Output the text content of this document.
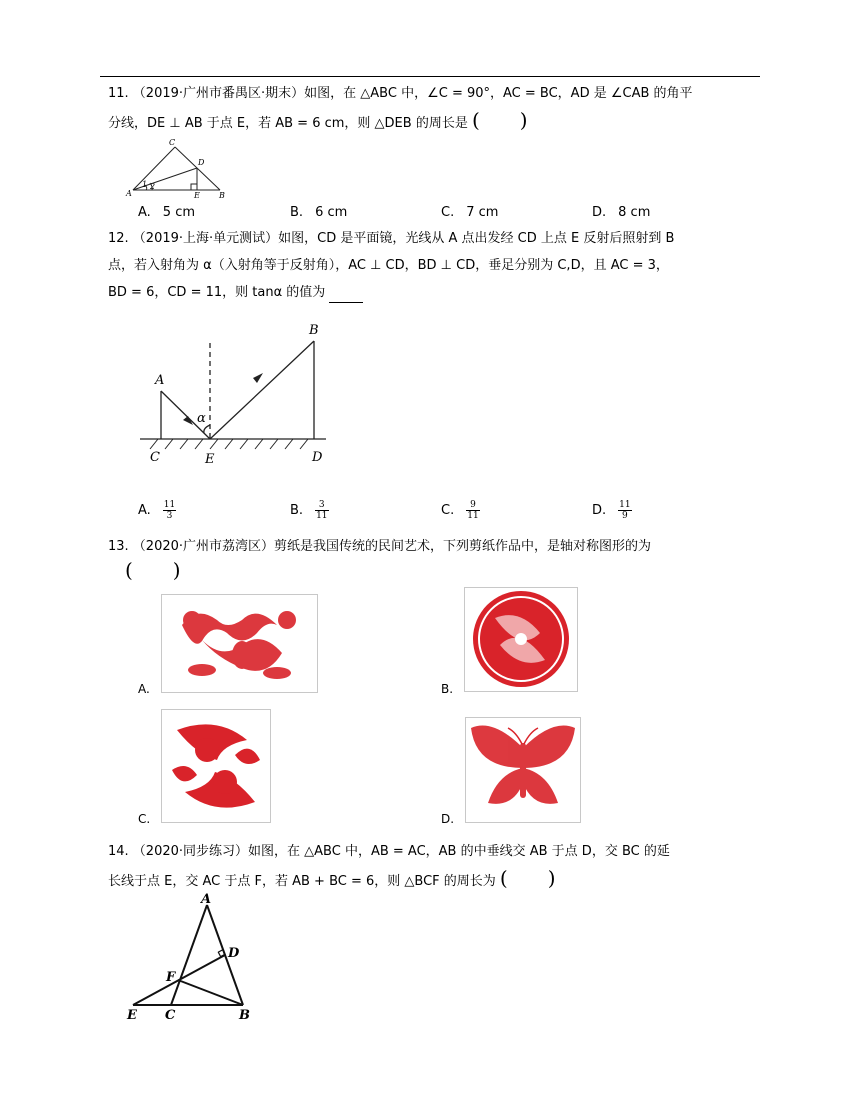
11. （2019·广州市番禺区·期末）如图，在 △ABC 中，∠C = 90°，AC = BC，AD 是 ∠CAB 的角平
分线，DE ⊥ AB 于点 E，若 AB = 6 cm，则 △DEB 的周长是 (　　)
C
D
A	E B
1 2
A. 5 cm	B. 6 cm	C. 7 cm	D. 8 cm
12. （2019·上海·单元测试）如图，CD 是平面镜，光线从 A 点出发经 CD 上点 E 反射后照射到 B
点，若入射角为 α（入射角等于反射角），AC ⊥ CD，BD ⊥ CD，垂足分别为 C,D，且 AC = 3，
BD = 6，CD = 11，则 tanα 的值为
A
B
C	E	D
α
A. $\frac{11}{3}$	B. $\frac{3}{11}$	C. $\frac{9}{11}$	D. $\frac{11}{9}$
13. （2020·广州市荔湾区）剪纸是我国传统的民间艺术，下列剪纸作品中，是轴对称图形的为
(　　)
A.	B.
C.	D.
14. （2020·同步练习）如图，在 △ABC 中，AB = AC，AB 的中垂线交 AB 于点 D，交 BC 的延
长线于点 E，交 AC 于点 F，若 AB + BC = 6，则 △BCF 的周长为 (　　)
A
D
F
E C	B
